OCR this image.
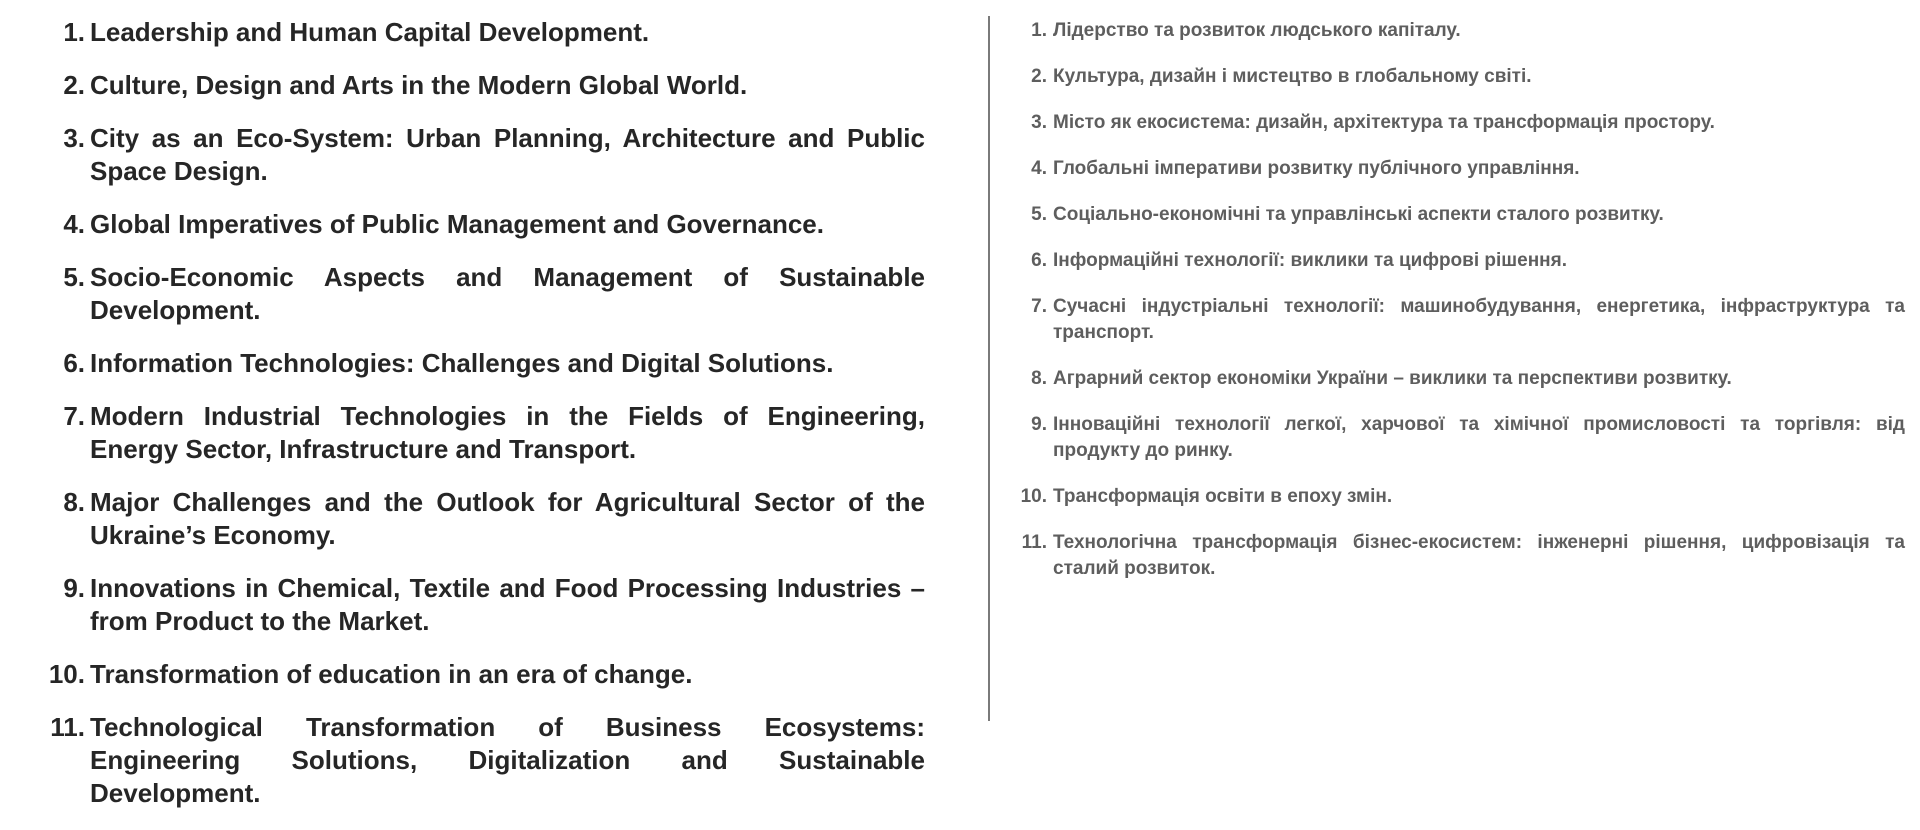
1. Leadership and Human Capital Development.
2. Culture, Design and Arts in the Modern Global World.
3. City as an Eco-System: Urban Planning, Architecture and Public Space Design.
4. Global Imperatives of Public Management and Governance.
5. Socio-Economic Aspects and Management of Sustainable Development.
6. Information Technologies: Challenges and Digital Solutions.
7. Modern Industrial Technologies in the Fields of Engineering, Energy Sector, Infrastructure and Transport.
8. Major Challenges and the Outlook for Agricultural Sector of the Ukraine’s Economy.
9. Innovations in Chemical, Textile and Food Processing Industries – from Product to the Market.
10. Transformation of education in an era of change.
11. Technological Transformation of Business Ecosystems: Engineering Solutions, Digitalization and Sustainable Development.
1. Лідерство та розвиток людського капіталу.
2. Культура, дизайн і мистецтво в глобальному світі.
3. Місто як екосистема: дизайн, архітектура та трансформація простору.
4. Глобальні імперативи розвитку публічного управління.
5. Соціально-економічні та управлінські аспекти сталого розвитку.
6. Інформаційні технології: виклики та цифрові рішення.
7. Сучасні індустріальні технології: машинобудування, енергетика, інфраструктура та транспорт.
8. Аграрний сектор економіки України – виклики та перспективи розвитку.
9. Інноваційні технології легкої, харчової та хімічної промисловості та торгівля: від продукту до ринку.
10. Трансформація освіти в епоху змін.
11. Технологічна трансформація бізнес-екосистем: інженерні рішення, цифровізація та сталий розвиток.
